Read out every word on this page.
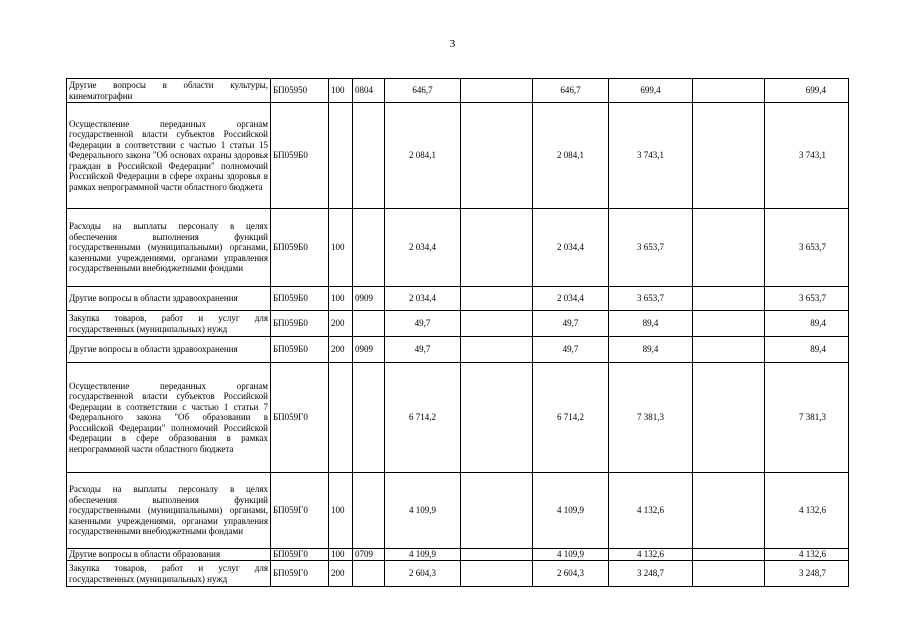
3
Другие вопросы в области культуры, кинематографии	БП05950	100	0804	646,7		646,7	699,4		699,4
Осуществление переданных органам государственной власти субъектов Российской Федерации в соответствии с частью 1 статьи 15 Федерального закона "Об основах охраны здоровья граждан в Российской Федерации" полномочий Российской Федерации в сфере охраны здоровья в рамках непрограммной части областного бюджета	БП059Б0			2 084,1		2 084,1	3 743,1		3 743,1
Расходы на выплаты персоналу в целях обеспечения выполнения функций государственными (муниципальными) органами, казенными учреждениями, органами управления государственными внебюджетными фондами	БП059Б0	100		2 034,4		2 034,4	3 653,7		3 653,7
Другие вопросы в области здравоохранения	БП059Б0	100	0909	2 034,4		2 034,4	3 653,7		3 653,7
Закупка товаров, работ и услуг для государственных (муниципальных) нужд	БП059Б0	200		49,7		49,7	89,4		89,4
Другие вопросы в области здравоохранения	БП059Б0	200	0909	49,7		49,7	89,4		89,4
Осуществление переданных органам государственной власти субъектов Российской Федерации в соответствии с частью 1 статьи 7 Федерального закона "Об образовании в Российской Федерации" полномочий Российской Федерации в сфере образования в рамках непрограммной части областного бюджета	БП059Г0			6 714,2		6 714,2	7 381,3		7 381,3
Расходы на выплаты персоналу в целях обеспечения выполнения функций государственными (муниципальными) органами, казенными учреждениями, органами управления государственными внебюджетными фондами	БП059Г0	100		4 109,9		4 109,9	4 132,6		4 132,6
Другие вопросы в области образования	БП059Г0	100	0709	4 109,9		4 109,9	4 132,6		4 132,6
Закупка товаров, работ и услуг для государственных (муниципальных) нужд	БП059Г0	200		2 604,3		2 604,3	3 248,7		3 248,7
